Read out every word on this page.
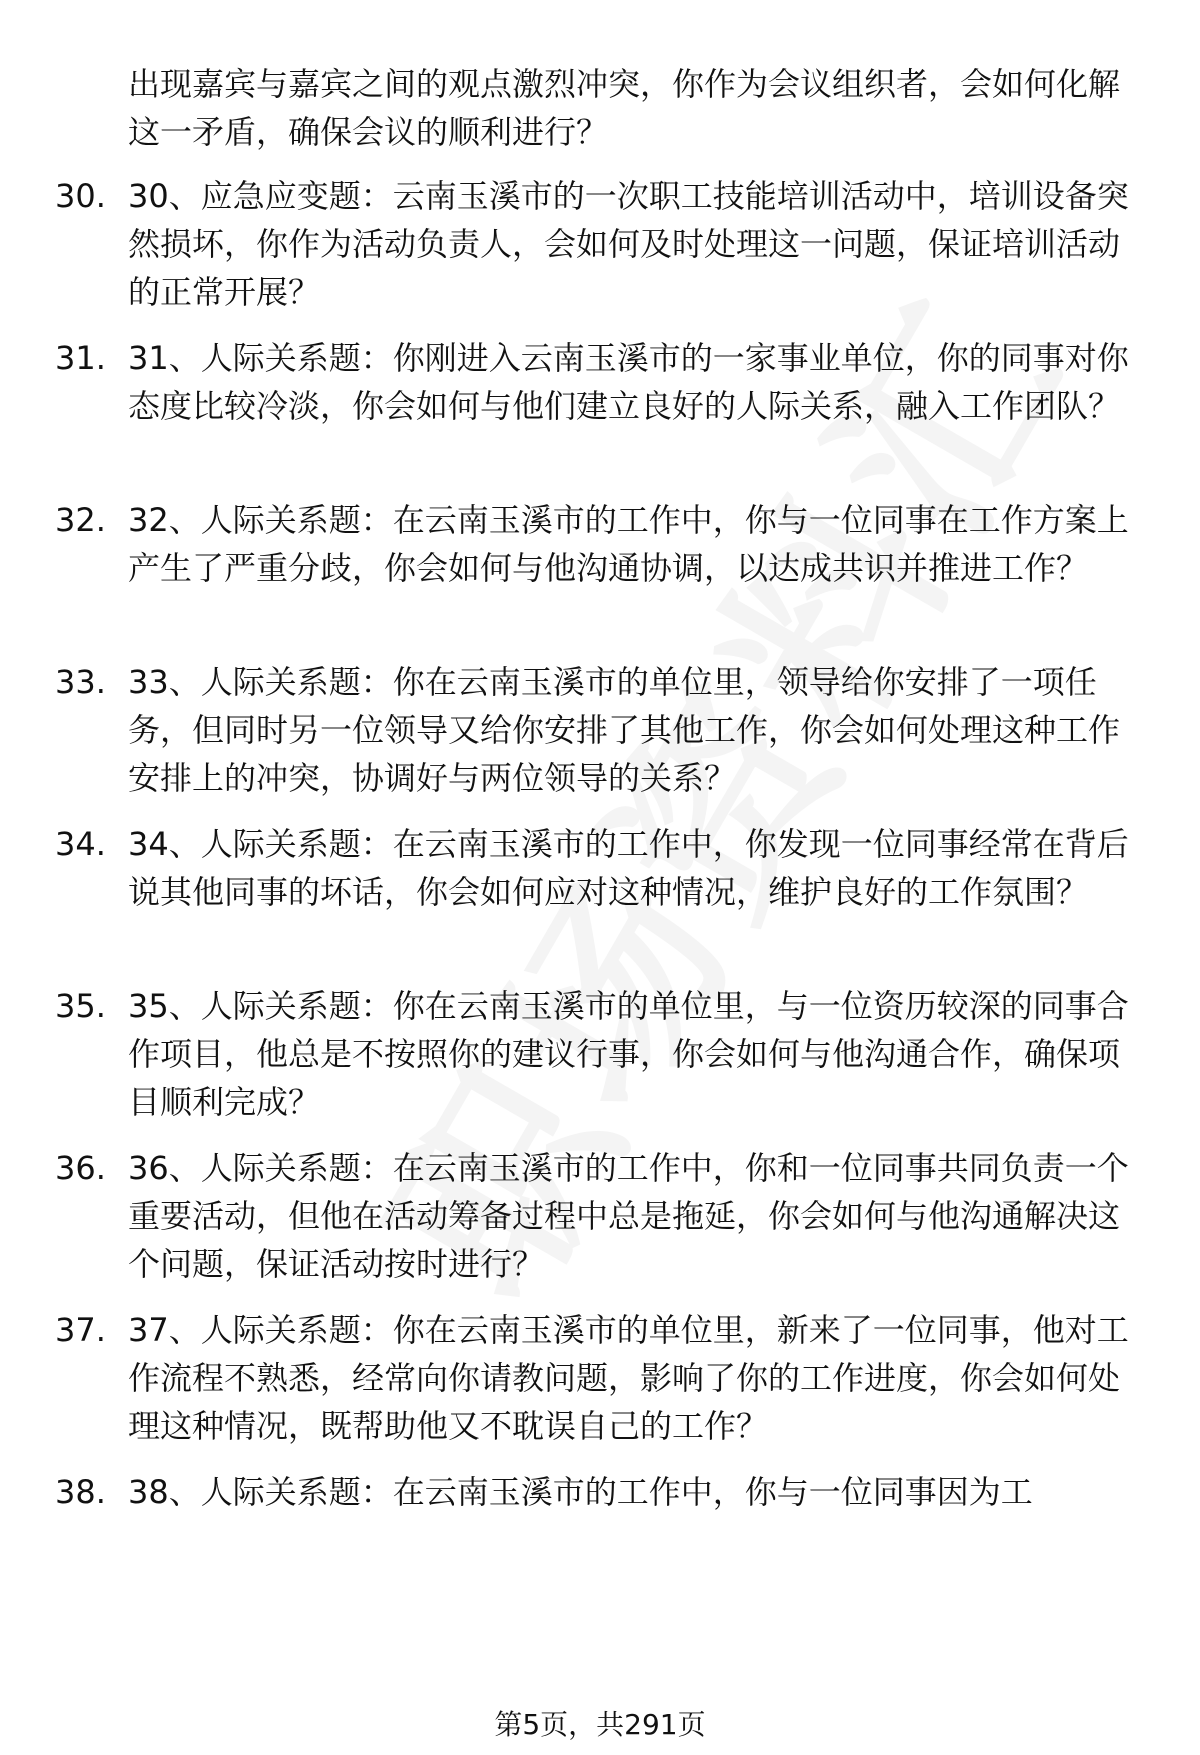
出现嘉宾与嘉宾之间的观点激烈冲突，你作为会议组织者，会如何化解这一矛盾，确保会议的顺利进行？

30. 30、应急应变题：云南玉溪市的一次职工技能培训活动中，培训设备突然损坏，你作为活动负责人，会如何及时处理这一问题，保证培训活动的正常开展？

31. 31、人际关系题：你刚进入云南玉溪市的一家事业单位，你的同事对你态度比较冷淡，你会如何与他们建立良好的人际关系，融入工作团队？

32. 32、人际关系题：在云南玉溪市的工作中，你与一位同事在工作方案上产生了严重分歧，你会如何与他沟通协调，以达成共识并推进工作？

33. 33、人际关系题：你在云南玉溪市的单位里，领导给你安排了一项任务，但同时另一位领导又给你安排了其他工作，你会如何处理这种工作安排上的冲突，协调好与两位领导的关系？

34. 34、人际关系题：在云南玉溪市的工作中，你发现一位同事经常在背后说其他同事的坏话，你会如何应对这种情况，维护良好的工作氛围？

35. 35、人际关系题：你在云南玉溪市的单位里，与一位资历较深的同事合作项目，他总是不按照你的建议行事，你会如何与他沟通合作，确保项目顺利完成？

36. 36、人际关系题：在云南玉溪市的工作中，你和一位同事共同负责一个重要活动，但他在活动筹备过程中总是拖延，你会如何与他沟通解决这个问题，保证活动按时进行？

37. 37、人际关系题：你在云南玉溪市的单位里，新来了一位同事，他对工作流程不熟悉，经常向你请教问题，影响了你的工作进度，你会如何处理这种情况，既帮助他又不耽误自己的工作？

38. 38、人际关系题：在云南玉溪市的工作中，你与一位同事因为工

第5页，共291页
